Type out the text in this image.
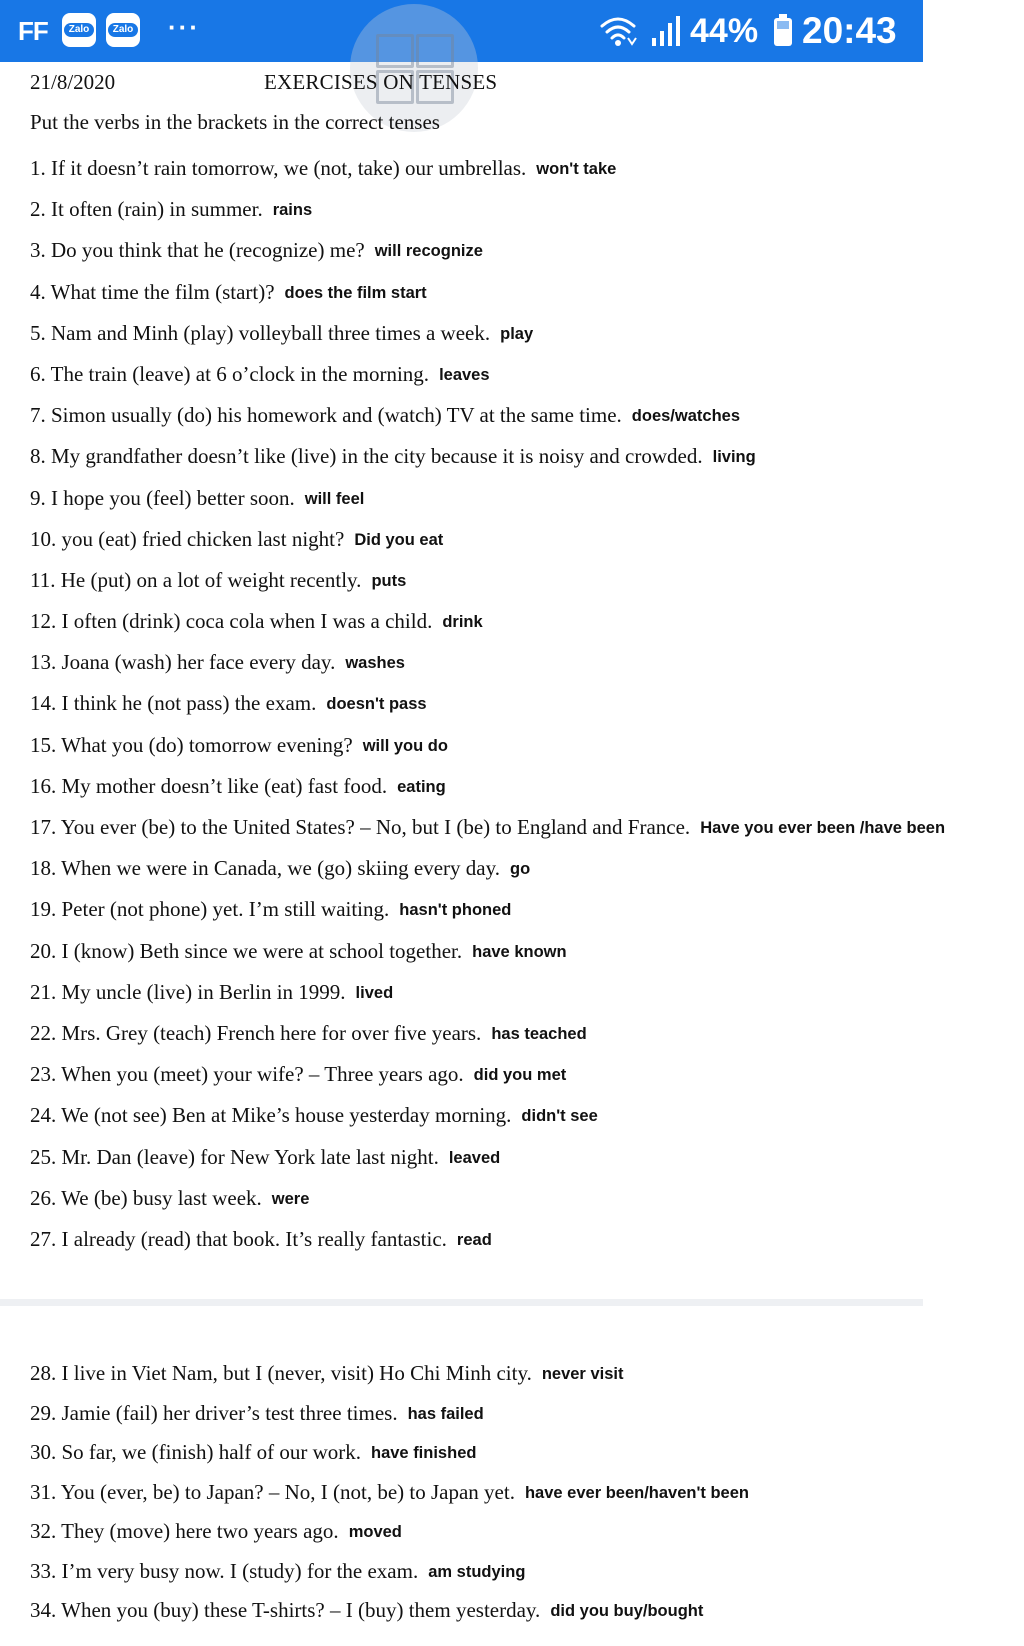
FF	Zalo	Zalo ···	44% 20:43
21/8/2020	EXERCISES ON TENSES
Put the verbs in the brackets in the correct tenses
1. If it doesn’t rain tomorrow, we (not, take) our umbrellas. won't take
2. It often (rain) in summer. rains
3. Do you think that he (recognize) me? will recognize
4. What time the film (start)? does the film start
5. Nam and Minh (play) volleyball three times a week. play
6. The train (leave) at 6 o’clock in the morning. leaves
7. Simon usually (do) his homework and (watch) TV at the same time. does/watches
8. My grandfather doesn’t like (live) in the city because it is noisy and crowded. living
9. I hope you (feel) better soon. will feel
10. you (eat) fried chicken last night? Did you eat
11. He (put) on a lot of weight recently. puts
12. I often (drink) coca cola when I was a child. drink
13. Joana (wash) her face every day. washes
14. I think he (not pass) the exam. doesn't pass
15. What you (do) tomorrow evening? will you do
16. My mother doesn’t like (eat) fast food. eating
17. You ever (be) to the United States? – No, but I (be) to England and France. Have you ever been /have been
18. When we were in Canada, we (go) skiing every day. go
19. Peter (not phone) yet. I’m still waiting. hasn't phoned
20. I (know) Beth since we were at school together. have known
21. My uncle (live) in Berlin in 1999. lived
22. Mrs. Grey (teach) French here for over five years. has teached
23. When you (meet) your wife? – Three years ago. did you met
24. We (not see) Ben at Mike’s house yesterday morning. didn't see
25. Mr. Dan (leave) for New York late last night. leaved
26. We (be) busy last week. were
27. I already (read) that book. It’s really fantastic. read
28. I live in Viet Nam, but I (never, visit) Ho Chi Minh city. never visit
29. Jamie (fail) her driver’s test three times. has failed
30. So far, we (finish) half of our work. have finished
31. You (ever, be) to Japan? – No, I (not, be) to Japan yet. have ever been/haven't been
32. They (move) here two years ago. moved
33. I’m very busy now. I (study) for the exam. am studying
34. When you (buy) these T-shirts? – I (buy) them yesterday. did you buy/bought
